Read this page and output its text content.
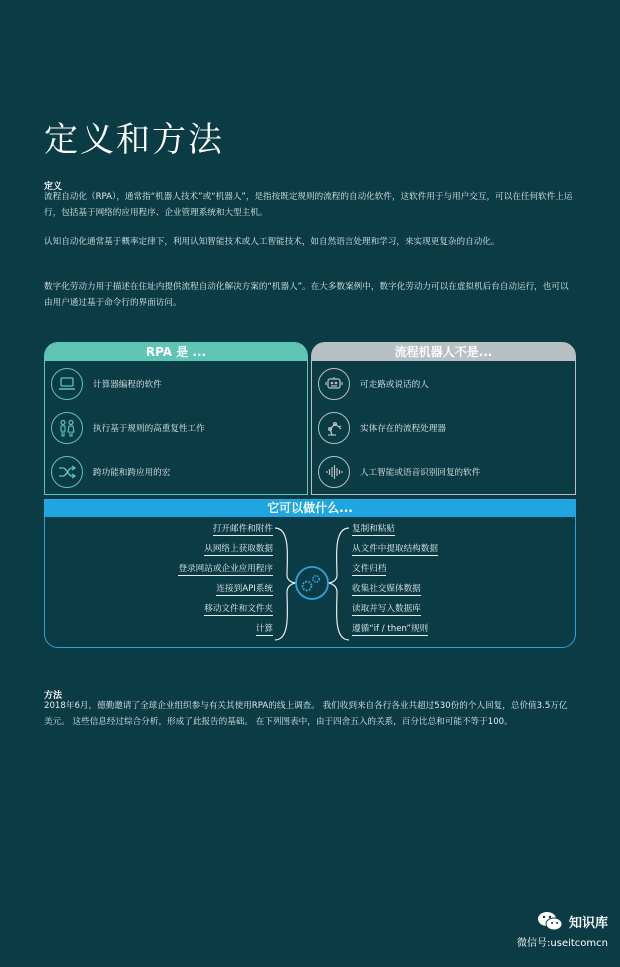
定义和方法
定义
流程自动化（RPA），通常指“机器人技术”或“机器人”，是指按既定规则的流程的自动化软件，这软件用于与用户交互，可以在任何软件上运行，包括基于网络的应用程序、企业管理系统和大型主机。
认知自动化通常基于概率定律下，利用认知智能技术或人工智能技术，如自然语言处理和学习，来实现更复杂的自动化。
数字化劳动力用于描述在住址内提供流程自动化解决方案的“机器人”。在大多数案例中，数字化劳动力可以在虚拟机后台自动运行，也可以由用户通过基于命令行的界面访问。
RPA 是 ...
计算器编程的软件
执行基于规则的高重复性工作
跨功能和跨应用的宏
流程机器人不是...
可走路或说话的人
实体存在的流程处理器
人工智能或语音识别回复的软件
它可以做什么...
打开邮件和附件
从网络上获取数据
登录网站或企业应用程序
连接到API系统
移动文件和文件夹
计算
复制和粘贴
从文件中提取结构数据
文件归档
收集社交媒体数据
读取并写入数据库
遵循“if / then”规则
方法
2018年6月，德勤邀请了全球企业组织参与有关其使用RPA的线上调查。 我们收到来自各行各业共超过530份的个人回复，总价值3.5万亿美元。 这些信息经过综合分析，形成了此报告的基础。 在下列图表中，由于四舍五入的关系，百分比总和可能不等于100。
知识库
微信号:useitcomcn
